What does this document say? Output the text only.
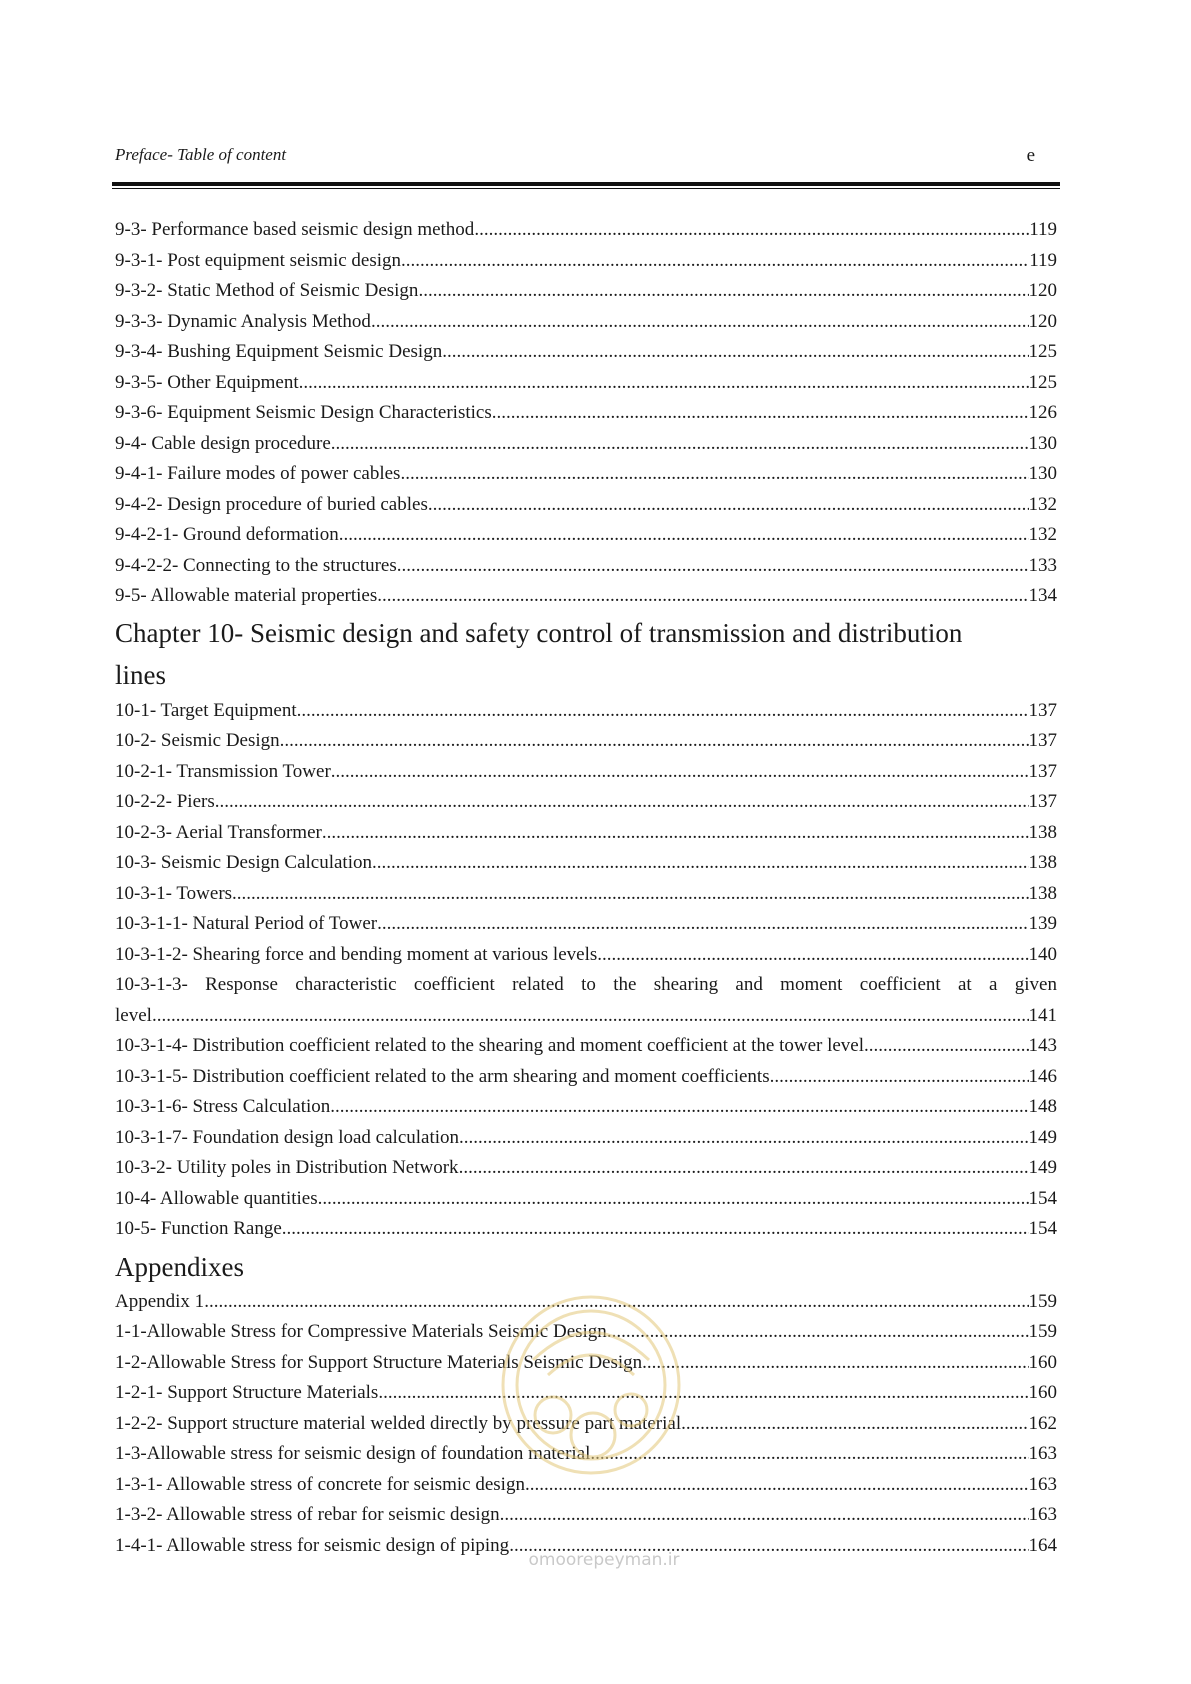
Preface- Table of content	e
9-3- Performance based seismic design method .....	119
9-3-1- Post equipment seismic design .....	119
9-3-2- Static Method of Seismic Design .....	120
9-3-3- Dynamic Analysis Method .....	120
9-3-4- Bushing Equipment Seismic Design .....	125
9-3-5- Other Equipment .....	125
9-3-6- Equipment Seismic Design Characteristics .....	126
9-4- Cable design procedure .....	130
9-4-1- Failure modes of power cables .....	130
9-4-2- Design procedure of buried cables .....	132
9-4-2-1- Ground deformation .....	132
9-4-2-2- Connecting to the structures .....	133
9-5- Allowable material properties .....	134
Chapter 10- Seismic design and safety control of transmission and distribution
lines
10-1- Target Equipment .....	137
10-2- Seismic Design .....	137
10-2-1- Transmission Tower .....	137
10-2-2- Piers .....	137
10-2-3- Aerial Transformer .....	138
10-3- Seismic Design Calculation .....	138
10-3-1- Towers .....	138
10-3-1-1- Natural Period of Tower .....	139
10-3-1-2- Shearing force and bending moment at various levels .....	140
10-3-1-3- Response characteristic coefficient related to the shearing and moment coefficient at a given
level .....	141
10-3-1-4- Distribution coefficient related to the shearing and moment coefficient at the tower level .....	143
10-3-1-5- Distribution coefficient related to the arm shearing and moment coefficients .....	146
10-3-1-6- Stress Calculation .....	148
10-3-1-7- Foundation design load calculation .....	149
10-3-2- Utility poles in Distribution Network .....	149
10-4- Allowable quantities .....	154
10-5- Function Range .....	154
Appendixes
Appendix 1 .....	159
1-1-Allowable Stress for Compressive Materials Seismic Design .....	159
1-2-Allowable Stress for Support Structure Materials Seismic Design .....	160
1-2-1- Support Structure Materials .....	160
1-2-2- Support structure material welded directly by pressure part material .....	162
1-3-Allowable stress for seismic design of foundation material .....	163
1-3-1- Allowable stress of concrete for seismic design .....	163
1-3-2- Allowable stress of rebar for seismic design .....	163
1-4-1- Allowable stress for seismic design of piping .....	164
omoorepeyman.ir
